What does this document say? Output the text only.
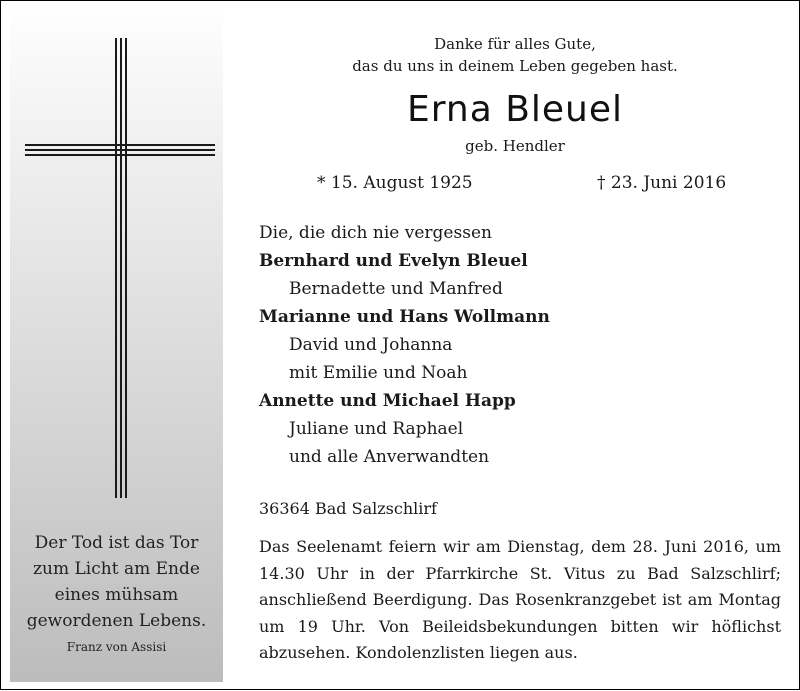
Der Tod ist das Tor
zum Licht am Ende
eines mühsam
gewordenen Lebens.
Franz von Assisi
Danke für alles Gute,
das du uns in deinem Leben gegeben hast.
Erna Bleuel
geb. Hendler
* 15. August 1925	† 23. Juni 2016
Die, die dich nie vergessen
Bernhard und Evelyn Bleuel
Bernadette und Manfred
Marianne und Hans Wollmann
David und Johanna
mit Emilie und Noah
Annette und Michael Happ
Juliane und Raphael
und alle Anverwandten
36364 Bad Salzschlirf
Das Seelenamt feiern wir am Dienstag, dem 28. Juni 2016, um 14.30 Uhr in der Pfarrkirche St. Vitus zu Bad Salzschlirf; anschließend Beerdigung. Das Rosenkranzgebet ist am Montag um 19 Uhr. Von Beileidsbekundungen bitten wir höflichst abzusehen. Kondolenzlisten liegen aus.
